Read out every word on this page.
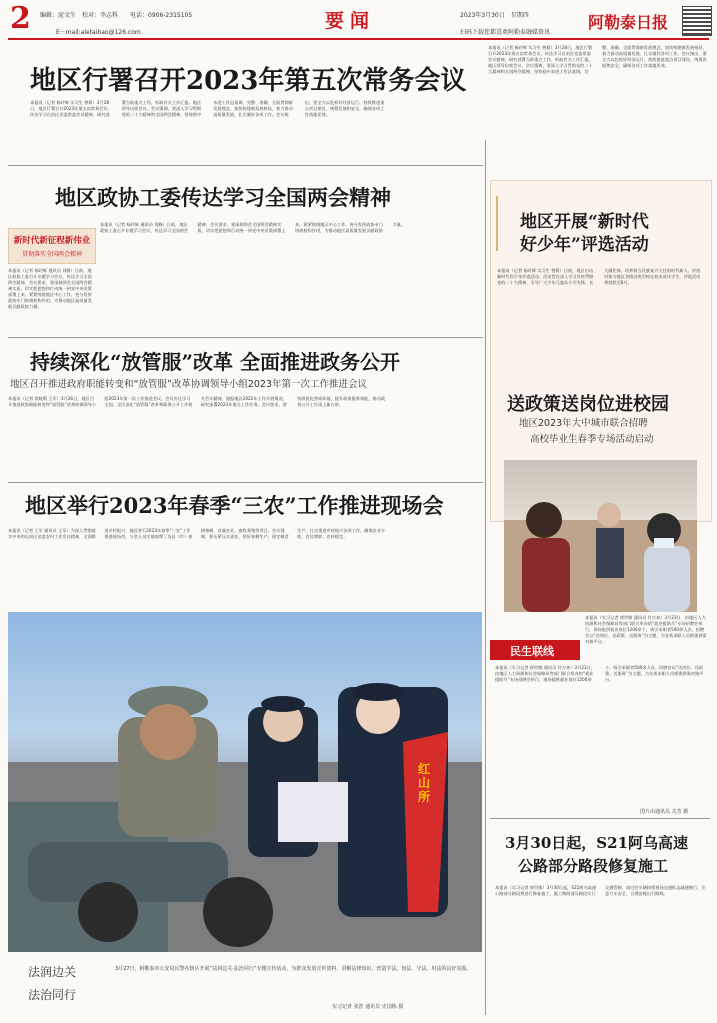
2 编辑：庞文生　校对：李志科　　电话：0906-2315105
E－mail:aletaibao@126.com
要闻	2023年3月30日　星期四
扫码下载您都喜欢阿勒泰融媒资讯
阿勒泰日报
地区行署召开2023年第五次常务会议
本报讯（记者 杨玲辉 实习生 曾莉）3月28日，地区行署召开2023年第五次常务会议，传达学习自治区党委常委会议精神，研究部署当前重点工作，听取有关工作汇报。地区领导出席会议。会议强调，要深入学习贯彻党的二十大精神和全国两会精神，坚持稳中求进工作总基调，完整、准确、全面贯彻新发展理念，加快构建新发展格局，着力推动高质量发展，扎实做好各项工作。会议指出，要全力以赴抓好经济运行，持续推进重点项目建设，统筹发展和安全，确保各项工作落地见效。
本报讯（记者 杨玲辉 实习生 曾莉）3月28日，地区行署召开2023年第五次常务会议，传达学习自治区党委常委会议精神，研究部署当前重点工作，听取有关工作汇报。地区领导出席会议。会议强调，要深入学习贯彻党的二十大精神和全国两会精神，坚持稳中求进工作总基调，完整、准确、全面贯彻新发展理念，加快构建新发展格局，着力推动高质量发展，扎实做好各项工作。会议指出，要全力以赴抓好经济运行，持续推进重点项目建设，统筹发展和安全，确保各项工作落地见效。
地区政协工委传达学习全国两会精神
新时代新征程新伟业
贯彻落实全国两会精神
本报讯（记者 杨玲辉 通讯员 刘静）日前，地区政协工委召开专题学习会议，传达学习全国两会精神。会议要求，要深刻领会全国两会精神实质，切实把思想和行动统一到党中央决策部署上来，紧紧围绕地区中心工作，充分发挥政协专门协商机构作用，为推动地区高质量发展贡献政协力量。
本报讯（记者 杨玲辉 通讯员 刘静）日前，地区政协工委召开专题学习会议，传达学习全国两会精神。会议要求，要深刻领会全国两会精神实质，切实把思想和行动统一到党中央决策部署上来，紧紧围绕地区中心工作，充分发挥政协专门协商机构作用，为推动地区高质量发展贡献政协力量。
持续深化“放管服”改革 全面推进政务公开
地区召开推进政府职能转变和“放管服”改革协调领导小组2023年第一次工作推进会议
本报讯（记者 常晓莉 王军）3月26日，地区召开推进政府职能转变和“放管服”改革协调领导小组2023年第一次工作推进会议。会议传达学习全国、全区深化“放管服”改革和政务公开工作相关会议精神，通报地区2022年工作开展情况，研究部署2023年重点工作任务。会议要求，要持续优化营商环境，提升政务服务效能，推动政务公开工作再上新台阶。
地区举行2023年春季“三农”工作推进现场会
本报讯（记者 王军 通讯员 王军）为深入贯彻落实中央和自治区党委农村工作会议精神，全面推进乡村振兴，地区举行2023年春季“三农”工作推进现场会。与会人员实地观摩了各县（市）春耕备耕、设施农业、畜牧养殖等项目。会议强调，要压紧压实责任，抓好春耕生产，稳定粮食生产，扎实推进乡村振兴各项工作，确保农业丰收、农民增收、农村稳定。
红山所
法润边关
法治同行
3月27日，阿勒泰市公安局民警在辖区开展“法润边关·法治同行”专题宣传活动，为群众发放宣传资料，讲解法律知识，营造学法、知法、守法、用法的良好氛围。
实习记者 张浩 通讯员 史国栋 摄
地区开展“新时代
好少年”评选活动
本报讯（记者 杨玲辉 实习生 曾莉）日前，地区启动新时代好少年评选活动。活动旨在深入学习宣传贯彻党的二十大精神，引导广大少年儿童从小学先锋、长大做先锋，培养担当民族复兴大任的时代新人。评选对象为地区各级各类学校在校未成年学生，评选活动将持续至6月。
送政策送岗位进校园
地区2023年大中城市联合招聘
高校毕业生春季专场活动启动
民生联线
本报讯（实习记者 崔世敏 通讯员 付吉来）3月23日，由地区人力资源和社会保障局等部门联合举办的“就业援助月”专场招聘会举行，现场提供就业岗位1200余个，吸引求职者500余人次。招聘会以“送岗位、送政策、送服务”为主题，为各类求职人员搭建供需对接平台。
本报讯（实习记者 崔世敏 通讯员 付吉来）3月23日，由地区人力资源和社会保障局等部门联合举办的“就业援助月”专场招聘会举行，现场提供就业岗位1200余个，吸引求职者500余人次。招聘会以“送岗位、送政策、送服务”为主题，为各类求职人员搭建供需对接平台。
图片由通讯员 关芳 摄
3月30日起，S21阿乌高速
公路部分路段修复施工
本报讯（实习记者 崔世敏）3月30日起，S21阿乌高速公路部分路段将进行修复施工，施工期间部分路段实行交通管制，请过往车辆按照现场交通标志减速慢行，注意行车安全，合理安排出行路线。
